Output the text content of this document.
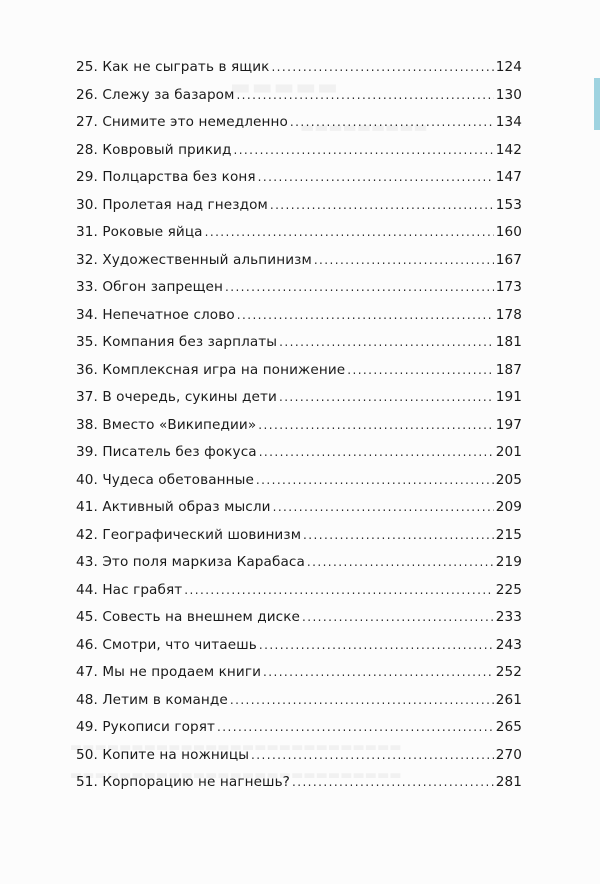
25. Как не сыграть в ящик . . .	124
26. Слежу за базаром . . .	130
27. Снимите это немедленно . . .	134
28. Ковровый прикид . . .	142
29. Полцарства без коня . . .	147
30. Пролетая над гнездом . . .	153
31. Роковые яйца . . .	160
32. Художественный альпинизм . . .	167
33. Обгон запрещен . . .	173
34. Непечатное слово . . .	178
35. Компания без зарплаты . . .	181
36. Комплексная игра на понижение . . .	187
37. В очередь, сукины дети . . .	191
38. Вместо «Википедии» . . .	197
39. Писатель без фокуса . . .	201
40. Чудеса обетованные . . .	205
41. Активный образ мысли . . .	209
42. Географический шовинизм . . .	215
43. Это поля маркиза Карабаса . . .	219
44. Нас грабят . . .	225
45. Совесть на внешнем диске . . .	233
46. Смотри, что читаешь . . .	243
47. Мы не продаем книги . . .	252
48. Летим в команде . . .	261
49. Рукописи горят . . .	265
50. Копите на ножницы . . .	270
51. Корпорацию не нагнешь? . . .	281
